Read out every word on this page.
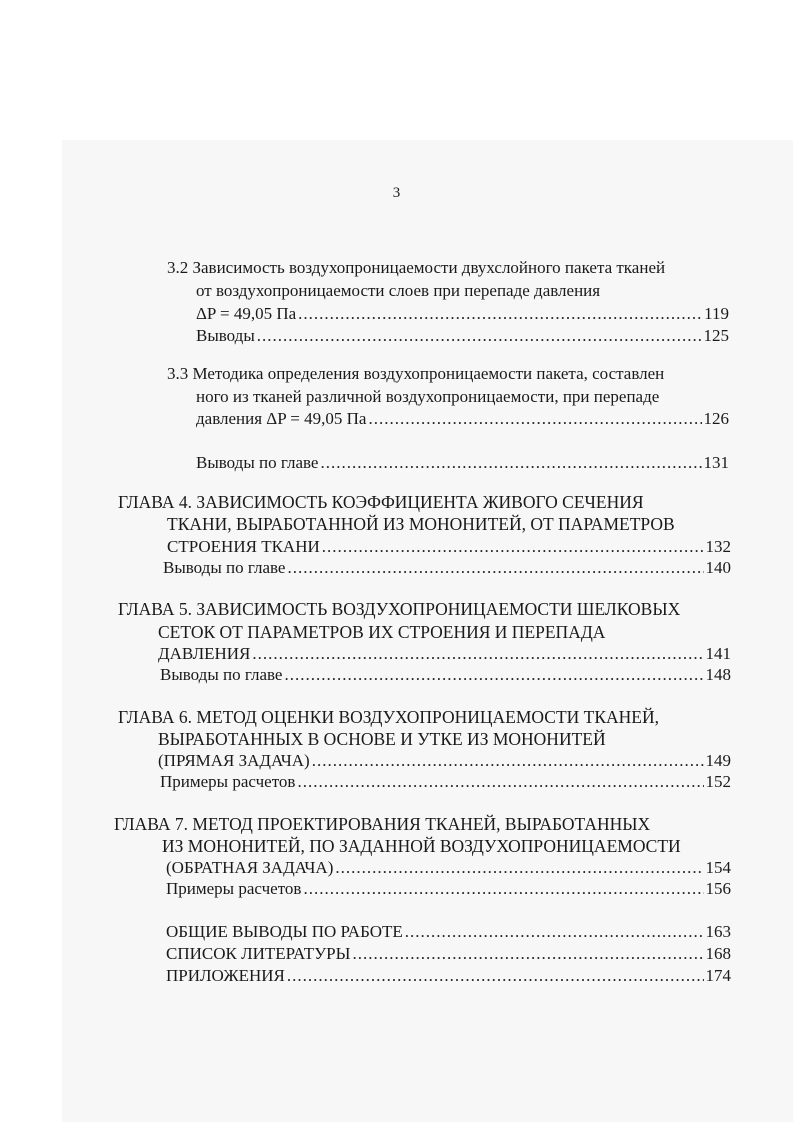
3
3.2 Зависимость воздухопроницаемости двухслойного пакета тканей
от воздухопроницаемости слоев при перепаде давления
ΔP = 49,05 Па .....	119
Выводы .....	125
3.3 Методика определения воздухопроницаемости пакета, составлен
ного из тканей различной воздухопроницаемости, при перепаде
давления ΔP = 49,05 Па .....	126
Выводы по главе .....	131
ГЛАВА 4. ЗАВИСИМОСТЬ КОЭФФИЦИЕНТА ЖИВОГО СЕЧЕНИЯ
ТКАНИ, ВЫРАБОТАННОЙ ИЗ МОНОНИТЕЙ, ОТ ПАРАМЕТРОВ
СТРОЕНИЯ ТКАНИ .....	132
Выводы по главе .....	140
ГЛАВА 5. ЗАВИСИМОСТЬ ВОЗДУХОПРОНИЦАЕМОСТИ ШЕЛКОВЫХ
СЕТОК ОТ ПАРАМЕТРОВ ИХ СТРОЕНИЯ И ПЕРЕПАДА
ДАВЛЕНИЯ .....	141
Выводы по главе .....	148
ГЛАВА 6. МЕТОД ОЦЕНКИ ВОЗДУХОПРОНИЦАЕМОСТИ ТКАНЕЙ,
ВЫРАБОТАННЫХ В ОСНОВЕ И УТКЕ ИЗ МОНОНИТЕЙ
(ПРЯМАЯ ЗАДАЧА) .....	149
Примеры расчетов .....	152
ГЛАВА 7. МЕТОД ПРОЕКТИРОВАНИЯ ТКАНЕЙ, ВЫРАБОТАННЫХ
ИЗ МОНОНИТЕЙ, ПО ЗАДАННОЙ ВОЗДУХОПРОНИЦАЕМОСТИ
(ОБРАТНАЯ ЗАДАЧА) .....	154
Примеры расчетов .....	156
ОБЩИЕ ВЫВОДЫ ПО РАБОТЕ .....	163
СПИСОК ЛИТЕРАТУРЫ .....	168
ПРИЛОЖЕНИЯ .....	174
